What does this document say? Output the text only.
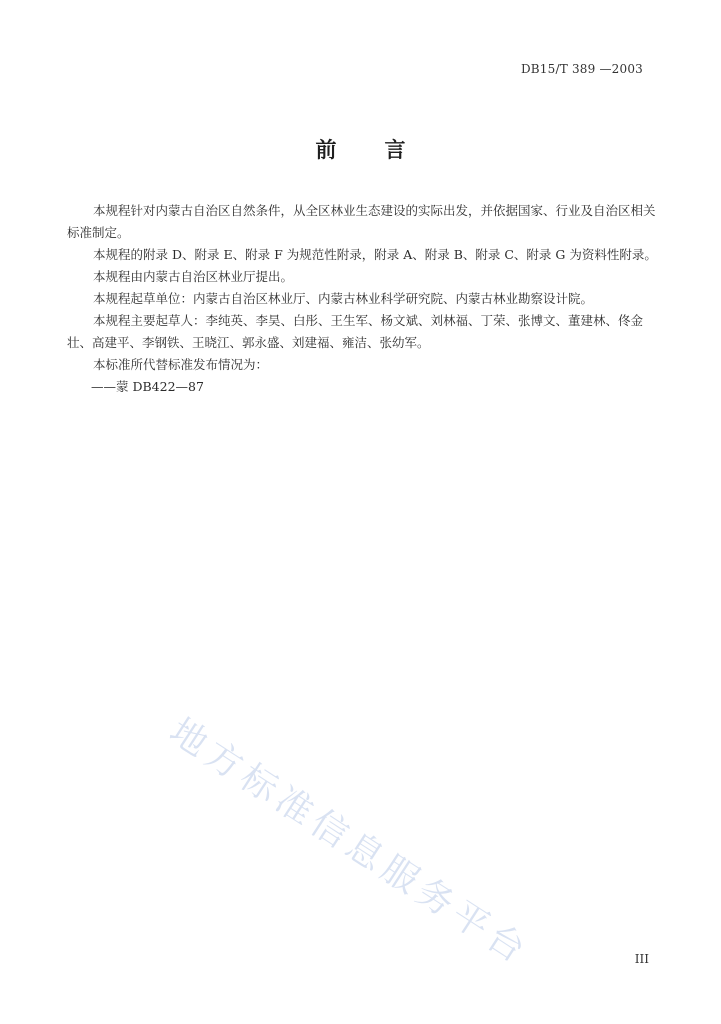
DB15/T 389 —2003
前言

本规程针对内蒙古自治区自然条件，从全区林业生态建设的实际出发，并依据国家、行业及自治区相关标准制定。

本规程的附录 D、附录 E、附录 F 为规范性附录，附录 A、附录 B、附录 C、附录 G 为资料性附录。

本规程由内蒙古自治区林业厅提出。

本规程起草单位：内蒙古自治区林业厅、内蒙古林业科学研究院、内蒙古林业勘察设计院。

本规程主要起草人：李纯英、李昊、白彤、王生军、杨文斌、刘林福、丁荣、张博文、董建林、佟金壮、高建平、李钢铁、王晓江、郭永盛、刘建福、雍洁、张幼军。

本标准所代替标准发布情况为：

——蒙 DB422—87

地方标准信息服务平台	III
